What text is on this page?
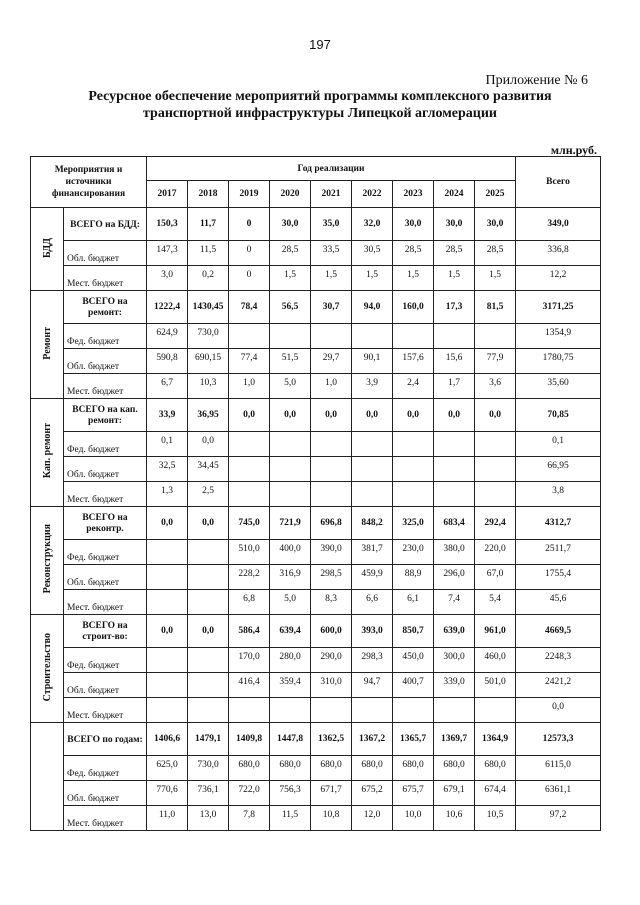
197
Приложение № 6
Ресурсное обеспечение мероприятий программы комплексного развития
транспортной инфраструктуры Липецкой агломерации
млн.руб.
Мероприятия и источники финансирования		Год реализации									Всего
		2017	2018	2019	2020	2021	2022	2023	2024	2025	
БДД	ВСЕГО на БДД:	150,3	11,7	0	30,0	35,0	32,0	30,0	30,0	30,0	349,0
	Обл. бюджет	147,3	11,5	0	28,5	33,5	30,5	28,5	28,5	28,5	336,8
	Мест. бюджет	3,0	0,2	0	1,5	1,5	1,5	1,5	1,5	1,5	12,2
Ремонт	ВСЕГО на ремонт:	1222,4	1430,45	78,4	56,5	30,7	94,0	160,0	17,3	81,5	3171,25
	Фед. бюджет	624,9	730,0								1354,9
	Обл. бюджет	590,8	690,15	77,4	51,5	29,7	90,1	157,6	15,6	77,9	1780,75
	Мест. бюджет	6,7	10,3	1,0	5,0	1,0	3,9	2,4	1,7	3,6	35,60
Кап. ремонт	ВСЕГО на кап. ремонт:	33,9	36,95	0,0	0,0	0,0	0,0	0,0	0,0	0,0	70,85
	Фед. бюджет	0,1	0,0								0,1
	Обл. бюджет	32,5	34,45								66,95
	Мест. бюджет	1,3	2,5								3,8
Реконструкция	ВСЕГО на реконтр.	0,0	0,0	745,0	721,9	696,8	848,2	325,0	683,4	292,4	4312,7
	Фед. бюджет			510,0	400,0	390,0	381,7	230,0	380,0	220,0	2511,7
	Обл. бюджет			228,2	316,9	298,5	459,9	88,9	296,0	67,0	1755,4
	Мест. бюджет			6,8	5,0	8,3	6,6	6,1	7,4	5,4	45,6
Строительство	ВСЕГО на строит-во:	0,0	0,0	586,4	639,4	600,0	393,0	850,7	639,0	961,0	4669,5
	Фед. бюджет			170,0	280,0	290,0	298,3	450,0	300,0	460,0	2248,3
	Обл. бюджет			416,4	359,4	310,0	94,7	400,7	339,0	501,0	2421,2
	Мест. бюджет										0,0
	ВСЕГО по годам:	1406,6	1479,1	1409,8	1447,8	1362,5	1367,2	1365,7	1369,7	1364,9	12573,3
	Фед. бюджет	625,0	730,0	680,0	680,0	680,0	680,0	680,0	680,0	680,0	6115,0
	Обл. бюджет	770,6	736,1	722,0	756,3	671,7	675,2	675,7	679,1	674,4	6361,1
	Мест. бюджет	11,0	13,0	7,8	11,5	10,8	12,0	10,0	10,6	10,5	97,2
